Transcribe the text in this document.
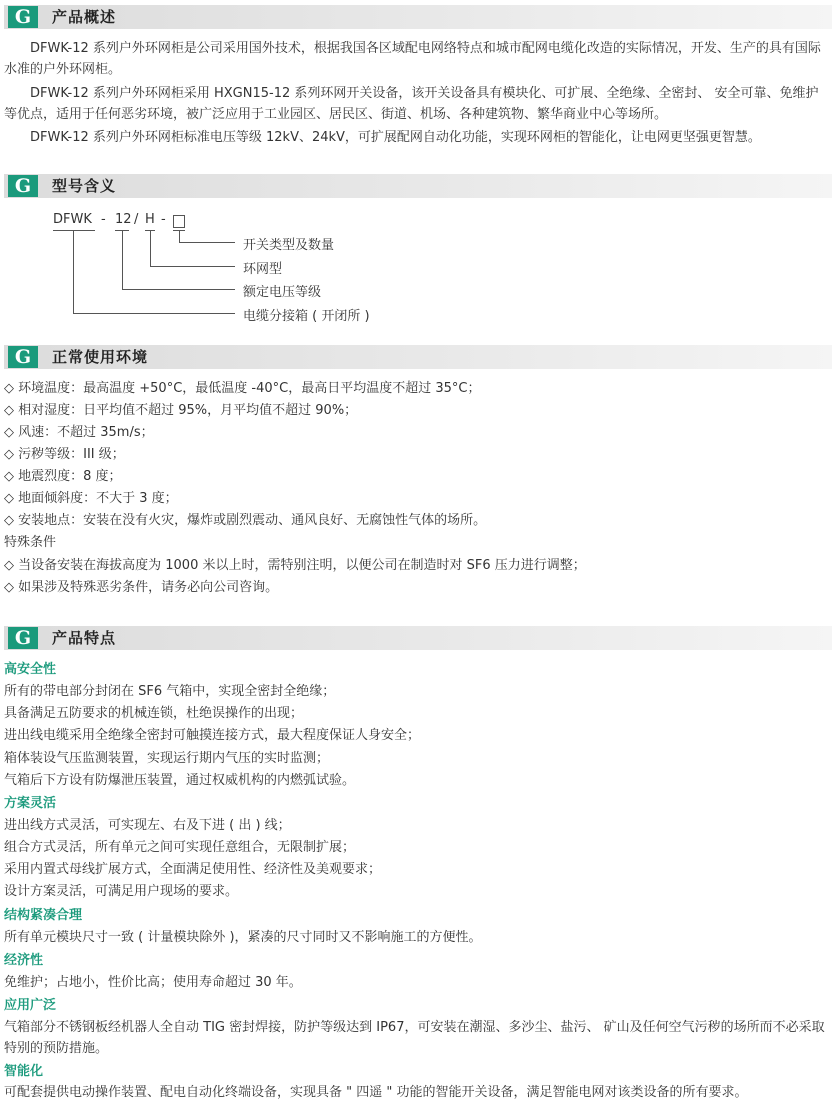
G	产品概述

DFWK-12 系列户外环网柜是公司采用国外技术，根据我国各区域配电网络特点和城市配网电缆化改造的实际情况，开发、生产的具有国际水准的户外环网柜。

DFWK-12 系列户外环网柜采用 HXGN15-12 系列环网开关设备，该开关设备具有模块化、可扩展、全绝缘、全密封、 安全可靠、免维护等优点，适用于任何恶劣环境，被广泛应用于工业园区、居民区、街道、机场、各种建筑物、繁华商业中心等场所。

DFWK-12 系列户外环网柜标准电压等级 12kV、24kV，可扩展配网自动化功能，实现环网柜的智能化，让电网更坚强更智慧。

G	型号含义
DFWK - 12 / H -
开关类型及数量
环网型
额定电压等级
电缆分接箱 ( 开闭所 )
G	正常使用环境

◇ 环境温度：最高温度 +50°C，最低温度 -40°C，最高日平均温度不超过 35°C；

◇ 相对湿度：日平均值不超过 95%，月平均值不超过 90%；

◇ 风速：不超过 35m/s；

◇ 污秽等级：III 级；

◇ 地震烈度：8 度；

◇ 地面倾斜度：不大于 3 度；

◇ 安装地点：安装在没有火灾，爆炸或剧烈震动、通风良好、无腐蚀性气体的场所。

特殊条件

◇ 当设备安装在海拔高度为 1000 米以上时，需特别注明，以便公司在制造时对 SF6 压力进行调整；

◇ 如果涉及特殊恶劣条件，请务必向公司咨询。

G	产品特点

高安全性

所有的带电部分封闭在 SF6 气箱中，实现全密封全绝缘；

具备满足五防要求的机械连锁，杜绝误操作的出现；

进出线电缆采用全绝缘全密封可触摸连接方式，最大程度保证人身安全；

箱体装设气压监测装置，实现运行期内气压的实时监测；

气箱后下方设有防爆泄压装置，通过权威机构的内燃弧试验。

方案灵活

进出线方式灵活，可实现左、右及下进 ( 出 ) 线；

组合方式灵活，所有单元之间可实现任意组合，无限制扩展；

采用内置式母线扩展方式，全面满足使用性、经济性及美观要求；

设计方案灵活，可满足用户现场的要求。

结构紧凑合理

所有单元模块尺寸一致 ( 计量模块除外 )，紧凑的尺寸同时又不影响施工的方便性。

经济性

免维护；占地小，性价比高；使用寿命超过 30 年。

应用广泛

气箱部分不锈钢板经机器人全自动 TIG 密封焊接，防护等级达到 IP67，可安装在潮湿、多沙尘、盐污、 矿山及任何空气污秽的场所而不必采取特别的预防措施。

智能化

可配套提供电动操作装置、配电自动化终端设备，实现具备 " 四遥 " 功能的智能开关设备，满足智能电网对该类设备的所有要求。
